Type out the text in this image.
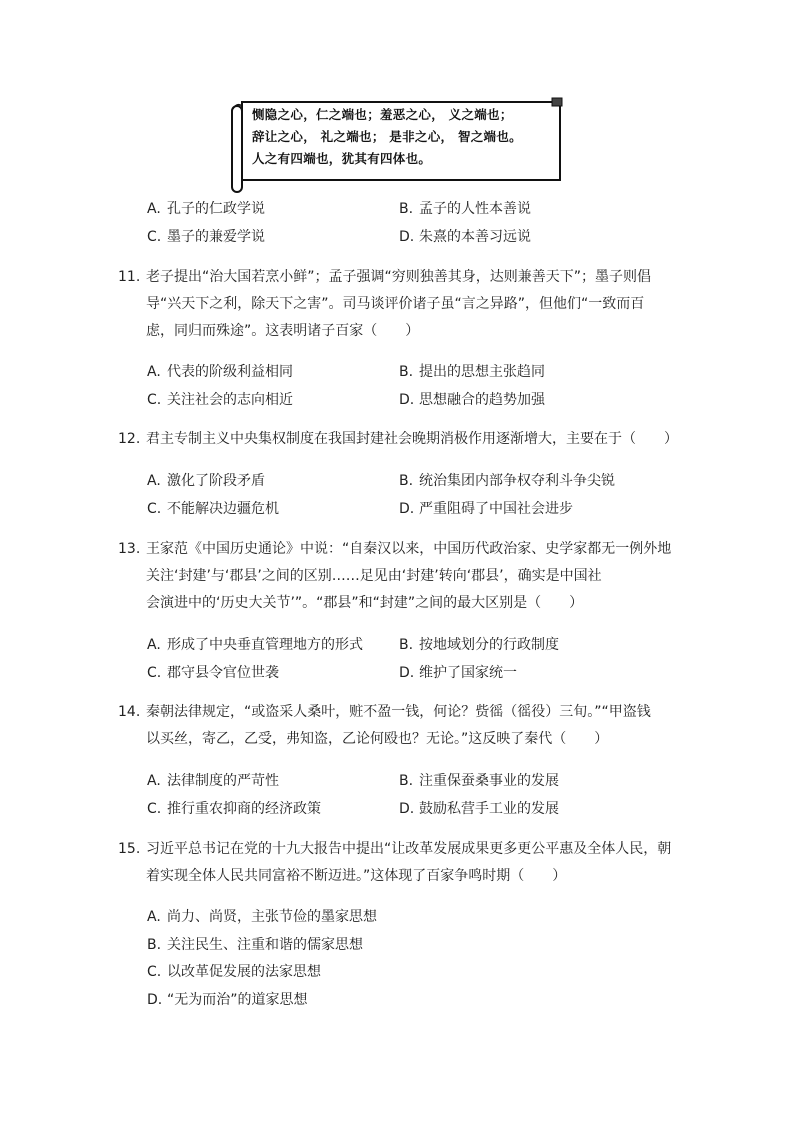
恻隐之心，仁之端也；羞恶之心， 义之端也；
辞让之心， 礼之端也； 是非之心， 智之端也。
人之有四端也，犹其有四体也。
A. 孔子的仁政学说	B. 孟子的人性本善说
C. 墨子的兼爱学说	D. 朱熹的本善习远说
11. 老子提出“治大国若烹小鲜”；孟子强调“穷则独善其身，达则兼善天下”；墨子则倡
导“兴天下之利，除天下之害”。司马谈评价诸子虽“言之异路”，但他们“一致而百
虑，同归而殊途”。这表明诸子百家（　　）
A. 代表的阶级利益相同	B. 提出的思想主张趋同
C. 关注社会的志向相近	D. 思想融合的趋势加强
12. 君主专制主义中央集权制度在我国封建社会晚期消极作用逐渐增大，主要在于（　　）
A. 激化了阶段矛盾	B. 统治集团内部争权夺利斗争尖锐
C. 不能解决边疆危机	D. 严重阻碍了中国社会进步
13. 王家范《中国历史通论》中说：“自秦汉以来，中国历代政治家、史学家都无一例外地
关注‘封建’与‘郡县’之间的区别……足见由‘封建’转向‘郡县’，确实是中国社
会演进中的‘历史大关节’”。“郡县”和“封建”之间的最大区别是（　　）
A. 形成了中央垂直管理地方的形式	B. 按地域划分的行政制度
C. 郡守县令官位世袭	D. 维护了国家统一
14. 秦朝法律规定，“或盗采人桑叶，赃不盈一钱，何论？赀徭（徭役）三旬。”“甲盗钱
以买丝，寄乙，乙受，弗知盗，乙论何殴也？无论。”这反映了秦代（　　）
A. 法律制度的严苛性	B. 注重保蚕桑事业的发展
C. 推行重农抑商的经济政策	D. 鼓励私营手工业的发展
15. 习近平总书记在党的十九大报告中提出“让改革发展成果更多更公平惠及全体人民，朝
着实现全体人民共同富裕不断迈进。”这体现了百家争鸣时期（　　）
A. 尚力、尚贤，主张节俭的墨家思想
B. 关注民生、注重和谐的儒家思想
C. 以改革促发展的法家思想
D. “无为而治”的道家思想
